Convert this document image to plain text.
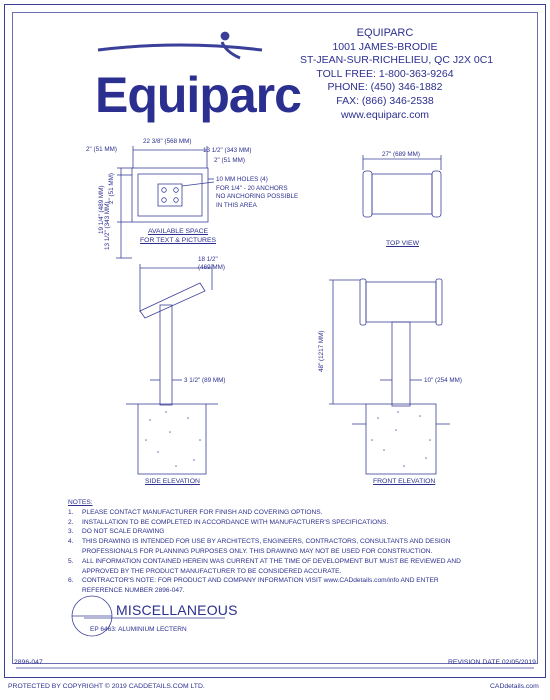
EQUIPARC
1001 JAMES-BRODIE
ST-JEAN-SUR-RICHELIEU, QC J2X 0C1
TOLL FREE: 1-800-363-9264
PHONE: (450) 346-1882
FAX: (866) 346-2538
www.equiparc.com
Equiparc
22 3/8" (568 MM)
2" (51 MM)	13 1/2" (343 MM)
2" (51 MM)
19 1/4" (489 MM) 2" (51 MM)
13 1/2" (343 MM)
10 MM HOLES (4)
FOR 1/4" - 20 ANCHORS
NO ANCHORING POSSIBLE
IN THIS AREA
AVAILABLE SPACE
FOR TEXT & PICTURES
27" (689 MM)
TOP VIEW
18 1/2"
(469 MM)
3 1/2" (89 MM)
SIDE ELEVATION
48" (1217 MM)
10" (254 MM)
FRONT ELEVATION
NOTES:
1.	PLEASE CONTACT MANUFACTURER FOR FINISH AND COVERING OPTIONS.
2.	INSTALLATION TO BE COMPLETED IN ACCORDANCE WITH MANUFACTURER'S SPECIFICATIONS.
3.	DO NOT SCALE DRAWING
4.	THIS DRAWING IS INTENDED FOR USE BY ARCHITECTS, ENGINEERS, CONTRACTORS, CONSULTANTS AND DESIGN
PROFESSIONALS FOR PLANNING PURPOSES ONLY. THIS DRAWING MAY NOT BE USED FOR CONSTRUCTION.
5.	ALL INFORMATION CONTAINED HEREIN WAS CURRENT AT THE TIME OF DEVELOPMENT BUT MUST BE REVIEWED AND
APPROVED BY THE PRODUCT MANUFACTURER TO BE CONSIDERED ACCURATE.
6.	CONTRACTOR'S NOTE: FOR PRODUCT AND COMPANY INFORMATION VISIT www.CADdetails.com/info AND ENTER
REFERENCE NUMBER 2896-047.
MISCELLANEOUS
EP 6463: ALUMINIUM LECTERN
2896-047	REVISION DATE 02/05/2019
PROTECTED BY COPYRIGHT © 2019 CADDETAILS.COM LTD.	CADdetails.com
